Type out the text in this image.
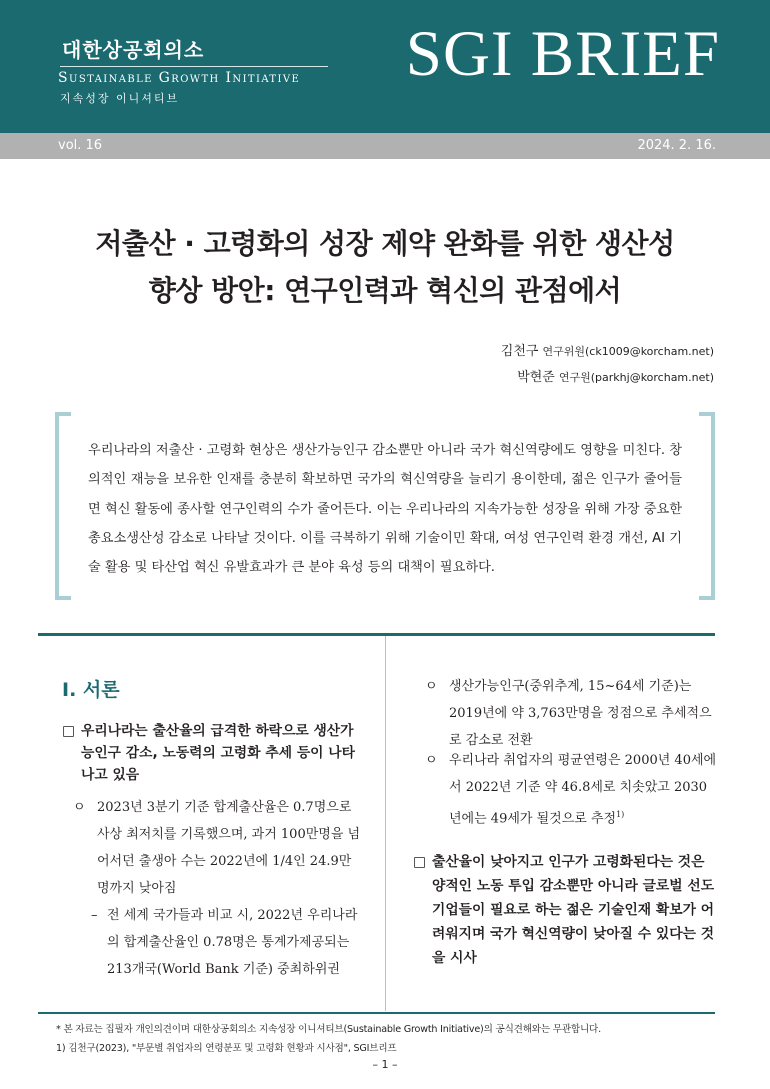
대한상공회의소
Sustainable Growth Initiative
지속성장 이니셔티브
SGI BRIEF
vol. 16	2024. 2. 16.
저출산 · 고령화의 성장 제약 완화를 위한 생산성
향상 방안: 연구인력과 혁신의 관점에서
김천구 연구위원(ck1009@korcham.net)
박현준 연구원(parkhj@korcham.net)
우리나라의 저출산 · 고령화 현상은 생산가능인구 감소뿐만 아니라 국가 혁신역량에도 영향을 미친다. 창의적인 재능을 보유한 인재를 충분히 확보하면 국가의 혁신역량을 늘리기 용이한데, 젊은 인구가 줄어들면 혁신 활동에 종사할 연구인력의 수가 줄어든다. 이는 우리나라의 지속가능한 성장을 위해 가장 중요한 총요소생산성 감소로 나타날 것이다. 이를 극복하기 위해 기술이민 확대, 여성 연구인력 환경 개선, AI 기술 활용 및 타산업 혁신 유발효과가 큰 분야 육성 등의 대책이 필요하다.
Ⅰ. 서론
□ 우리나라는 출산율의 급격한 하락으로 생산가능인구 감소, 노동력의 고령화 추세 등이 나타나고 있음
ㅇ 2023년 3분기 기준 합계출산율은 0.7명으로 사상 최저치를 기록했으며, 과거 100만명을 넘어서던 출생아 수는 2022년에 1/4인 24.9만 명까지 낮아짐
– 전 세계 국가들과 비교 시, 2022년 우리나라의 합계출산율인 0.78명은 통계가제공되는 213개국(World Bank 기준) 중최하위권
ㅇ 생산가능인구(중위추계, 15~64세 기준)는 2019년에 약 3,763만명을 정점으로 추세적으로 감소로 전환
ㅇ 우리나라 취업자의 평균연령은 2000년 40세에서 2022년 기준 약 46.8세로 치솟았고 2030년에는 49세가 될것으로 추정$^{1)}$
□ 출산율이 낮아지고 인구가 고령화된다는 것은 양적인 노동 투입 감소뿐만 아니라 글로벌 선도기업들이 필요로 하는 젊은 기술인재 확보가 어려워지며 국가 혁신역량이 낮아질 수 있다는 것을 시사
* 본 자료는 집필자 개인의견이며 대한상공회의소 지속성장 이니셔티브(Sustainable Growth Initiative)의 공식견해와는 무관합니다.
1) 김천구(2023), "부문별 취업자의 연령분포 및 고령화 현황과 시사점", SGI브리프
– 1 –
